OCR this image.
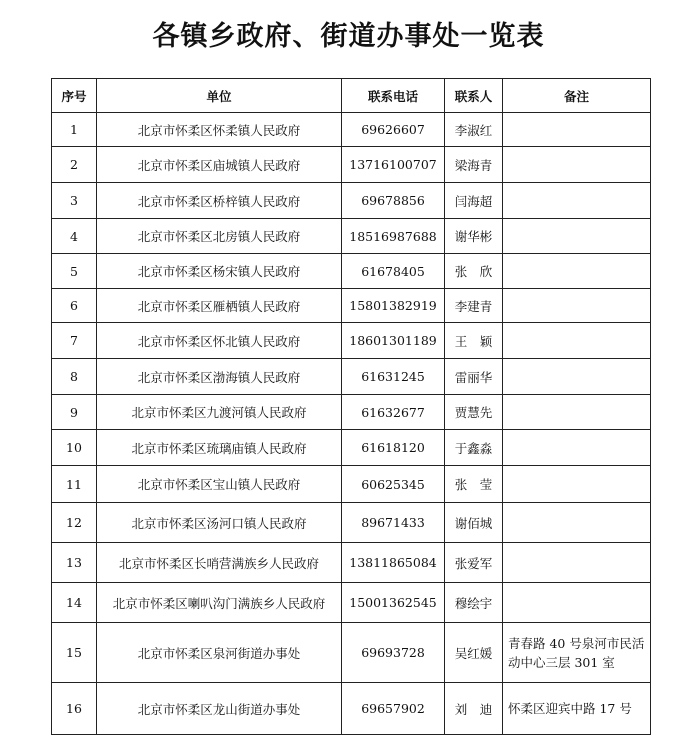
各镇乡政府、街道办事处一览表
序号	单位	联系电话	联系人	备注
1	北京市怀柔区怀柔镇人民政府	69626607	李淑红	
2	北京市怀柔区庙城镇人民政府	13716100707	梁海青	
3	北京市怀柔区桥梓镇人民政府	69678856	闫海超	
4	北京市怀柔区北房镇人民政府	18516987688	谢华彬	
5	北京市怀柔区杨宋镇人民政府	61678405	张　欣	
6	北京市怀柔区雁栖镇人民政府	15801382919	李建青	
7	北京市怀柔区怀北镇人民政府	18601301189	王　颖	
8	北京市怀柔区渤海镇人民政府	61631245	雷丽华	
9	北京市怀柔区九渡河镇人民政府	61632677	贾慧先	
10	北京市怀柔区琉璃庙镇人民政府	61618120	于鑫淼	
11	北京市怀柔区宝山镇人民政府	60625345	张　莹	
12	北京市怀柔区汤河口镇人民政府	89671433	谢佰城	
13	北京市怀柔区长哨营满族乡人民政府	13811865084	张爱军	
14	北京市怀柔区喇叭沟门满族乡人民政府	15001362545	穆绘宇	
15	北京市怀柔区泉河街道办事处	69693728	吴红媛	青春路 40 号泉河市民活动中心三层 301 室
16	北京市怀柔区龙山街道办事处	69657902	刘　迪	怀柔区迎宾中路 17 号
